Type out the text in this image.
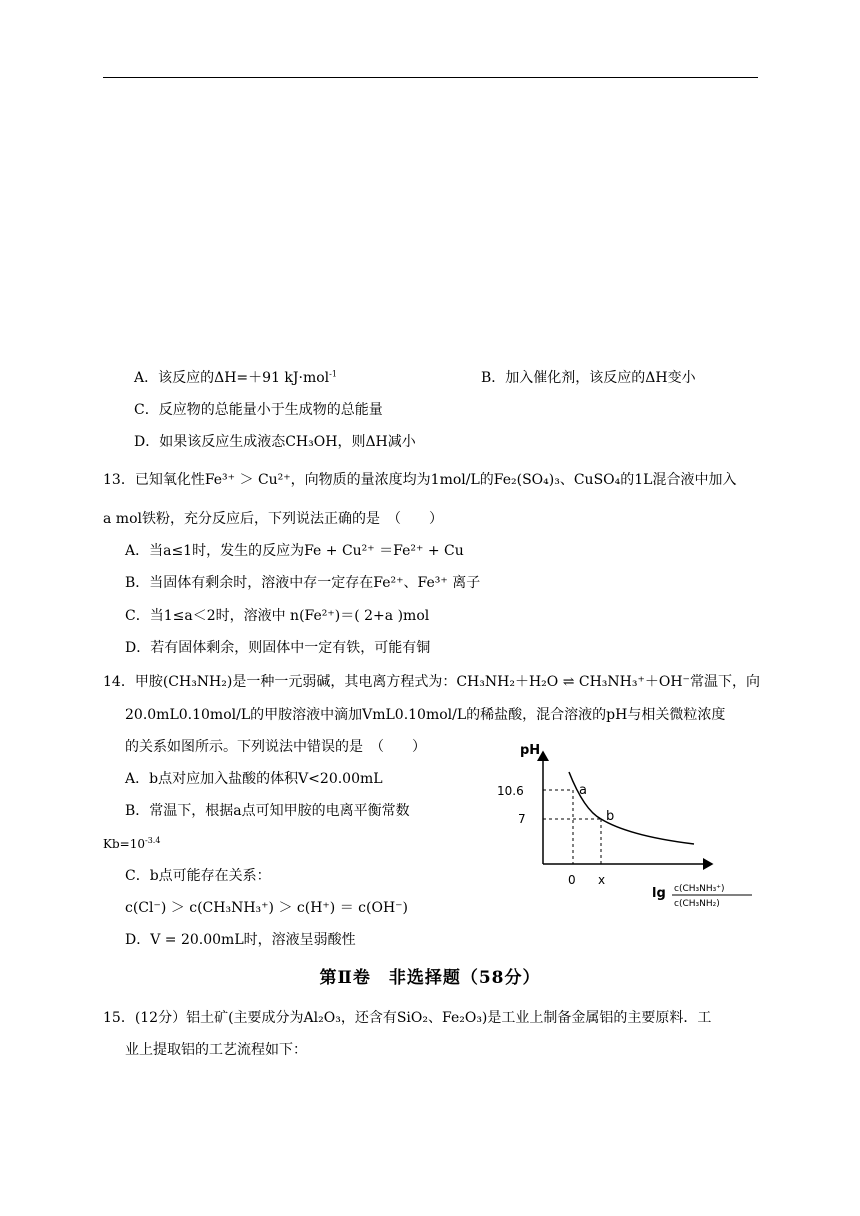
A．该反应的ΔH=＋91 kJ·mol$^{-1}$	B．加入催化剂，该反应的ΔH变小
C．反应物的总能量小于生成物的总能量
D．如果该反应生成液态CH₃OH，则ΔH减小
13．已知氧化性Fe³⁺ ＞ Cu²⁺，向物质的量浓度均为1mol/L的Fe₂(SO₄)₃、CuSO₄的1L混合液中加入
a mol铁粉，充分反应后，下列说法正确的是　（　　）
A．当a≤1时，发生的反应为Fe + Cu²⁺ ＝Fe²⁺ + Cu
B．当固体有剩余时，溶液中存一定存在Fe²⁺、Fe³⁺ 离子
C．当1≤a＜2时，溶液中 n(Fe²⁺)＝( 2+a )mol
D．若有固体剩余，则固体中一定有铁，可能有铜
14．甲胺(CH₃NH₂)是一种一元弱碱，其电离方程式为：CH₃NH₂＋H₂O ⇌ CH₃NH₃⁺＋OH⁻常温下，向
20.0mL0.10mol/L的甲胺溶液中滴加VmL0.10mol/L的稀盐酸，混合溶液的pH与相关微粒浓度
的关系如图所示。下列说法中错误的是　（　　）
A．b点对应加入盐酸的体积V<20.00mL
B．常温下，根据a点可知甲胺的电离平衡常数
$Kb=10^{-3.4}$
C．b点可能存在关系：
c(Cl⁻) ＞ c(CH₃NH₃⁺) ＞ c(H⁺) ＝ c(OH⁻)
D．V = 20.00mL时，溶液呈弱酸性
pH
10.6
7
0 x
a
b
lg c(CH₃NH₃⁺)
c(CH₃NH₂)
第Ⅱ卷　非选择题（58分）
15．(12分）铝土矿(主要成分为Al₂O₃，还含有SiO₂、Fe₂O₃)是工业上制备金属铝的主要原料．工
业上提取铝的工艺流程如下：
